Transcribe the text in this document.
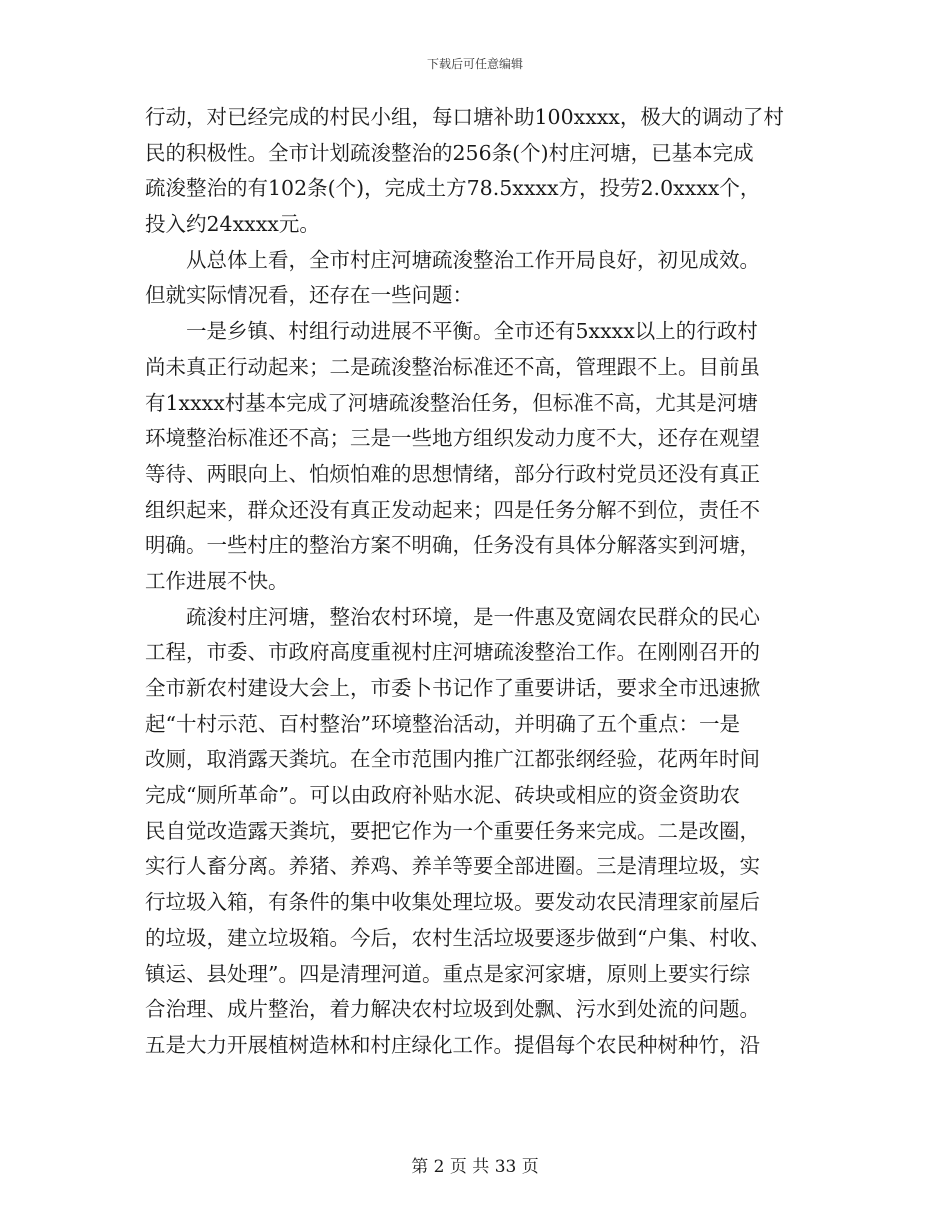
下载后可任意编辑
行动，对已经完成的村民小组，每口塘补助100xxxx，极大的调动了村
民的积极性。全市计划疏浚整治的256条(个)村庄河塘，已基本完成
疏浚整治的有102条(个)，完成土方78.5xxxx方，投劳2.0xxxx个，
投入约24xxxx元。
　　从总体上看，全市村庄河塘疏浚整治工作开局良好，初见成效。
但就实际情况看，还存在一些问题：
　　一是乡镇、村组行动进展不平衡。全市还有5xxxx以上的行政村
尚未真正行动起来；二是疏浚整治标准还不高，管理跟不上。目前虽
有1xxxx村基本完成了河塘疏浚整治任务，但标准不高，尤其是河塘
环境整治标准还不高；三是一些地方组织发动力度不大，还存在观望
等待、两眼向上、怕烦怕难的思想情绪，部分行政村党员还没有真正
组织起来，群众还没有真正发动起来；四是任务分解不到位，责任不
明确。一些村庄的整治方案不明确，任务没有具体分解落实到河塘，
工作进展不快。
　　疏浚村庄河塘，整治农村环境，是一件惠及宽阔农民群众的民心
工程，市委、市政府高度重视村庄河塘疏浚整治工作。在刚刚召开的
全市新农村建设大会上，市委卜书记作了重要讲话，要求全市迅速掀
起“十村示范、百村整治”环境整治活动，并明确了五个重点：一是
改厕，取消露天粪坑。在全市范围内推广江都张纲经验，花两年时间
完成“厕所革命”。可以由政府补贴水泥、砖块或相应的资金资助农
民自觉改造露天粪坑，要把它作为一个重要任务来完成。二是改圈，
实行人畜分离。养猪、养鸡、养羊等要全部进圈。三是清理垃圾，实
行垃圾入箱，有条件的集中收集处理垃圾。要发动农民清理家前屋后
的垃圾，建立垃圾箱。今后，农村生活垃圾要逐步做到“户集、村收、
镇运、县处理”。四是清理河道。重点是家河家塘，原则上要实行综
合治理、成片整治，着力解决农村垃圾到处飘、污水到处流的问题。
五是大力开展植树造林和村庄绿化工作。提倡每个农民种树种竹，沿
第 2 页 共 33 页
